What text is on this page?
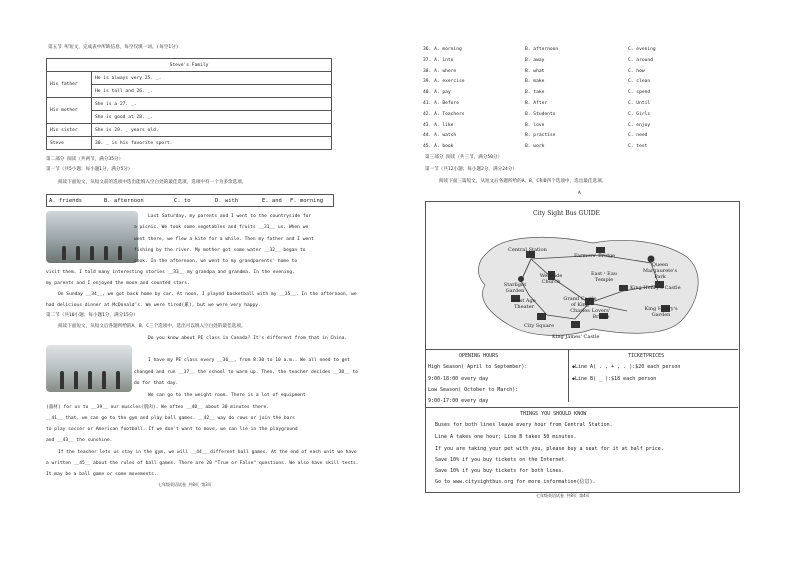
第五节 听短文，完成表中所缺信息，每空仅填一词。(每空1分)
Steve's Family	
His father	He is always very 25. _.
	He is tall and 26. _.
His mother	She is a 27. _.
	She is good at 28. _.
His sister	She is 29. _ years old.
Steve	30. _ is his favorite sport.
第二部分 阅读（共两节，满分35分）
第一节（共5小题；每小题1分，满分5分）
阅读下面短文，从短文前的选项中选出能填入空白处的最佳选项。选项中有一个为多余选项。
A. friends	B. afternoon	C. to	D. with	E. and F. morning
Last Saturday, my parents and I went to the countryside for
a picnic. We took some vegetables and fruits __31__ us. When we
went there, we flew a kite for a while. Then my father and I went
fishing by the river. My mother got some water __32__ began to
cook. In the afternoon, we went to my grandparents' home to
visit them. I told many interesting stories __33__ my grandpa and grandma. In the evening,
my parents and I enjoyed the moon and counted stars.
On Sunday __34__, we got back home by car. At noon, I played basketball with my __35__. In the afternoon, we
had delicious dinner at McDonald's. We were tired(累), but we were very happy.
第二节（共10小题；每小题1分，满分15分）
阅读下面短文，从短文后各题所给的A、B、C三个选项中，选出可以填入空白处的最佳选项。
Do you know about PE class in Canada? It's different from that in China.
I have my PE class every __36__, from 8:30 to 10 a.m.. We all need to get
changed and run __37__ the school to warm up. Then, the teacher decides __38__ to
do for that day.
We can go to the weight room. There is a lot of equipment
(器材) for us to __39__ our muscles(肌肉). We often __40__ about 30 minutes there.
__41__ that, we can go to the gym and play ball games. __42__ way do rows or join the bars
to play soccer or American football. If we don't want to move, we can lie in the playground
and __43__ the sunshine.
If the teacher lets us stay in the gym, we will __44__ different ball games. At the end of each unit we have
a written __45__ about the rules of ball games. There are 20 "True or False" questions. We also have skill tests.
It may be a ball game or some movements.
七年级英语试卷 共8页 第3页
36. A. morning	B. afternoon	C. evening
37. A. into	B. away	C. around
38. A. where	B. what	C. how
39. A. exercise	B. make	C. clean
40. A. pay	B. take	C. spend
41. A. Before	B. After	C. Until
42. A. Teachers	B. Students	C. Girls
43. A. like	B. love	C. enjoy
44. A. watch	B. practise	C. need
45. A. book	B. work	C. test
第三部分 阅读（共三节，满分50分）
第一节（共12小题；每小题2分，满分24分）
阅读下面三篇短文，从短文后各题所给的A、B、C和D四个选项中，选出最佳选项。
A
City Sight Bus GUIDE
Central Station
Farmers' Bridge
Queen Margaurete's Park
Westside Church
Starlight Garden
East・Eau Temple
King Henry's Castle
Grand Castle of King Charles
First Age Theater
Lovers' Bridge
King Henry's Garden
City Square
King James' Castle
OPENING HOURS
High Season( April to September):
9:00-18:00 every day
Low Season( October to March):
9:00-17:00 every day
TICKETPRICES
◆Line A( . , + , . ):$20 each person
◆Line B( _ ):$18 each person
THINGS YOU SHOULD KNOW
Buses for both lines leave every hour from Central Station.
Line A takes one hour; Line B takes 50 minutes.
If you are taking your pet with you, please buy a seat for it at half price.
Save 10% if you buy tickets on the Internet.
Save 10% if you buy tickets for both lines.
Go to www.citysightbus.org for more information(信息).
七年级英语试卷 共8页 第4页
